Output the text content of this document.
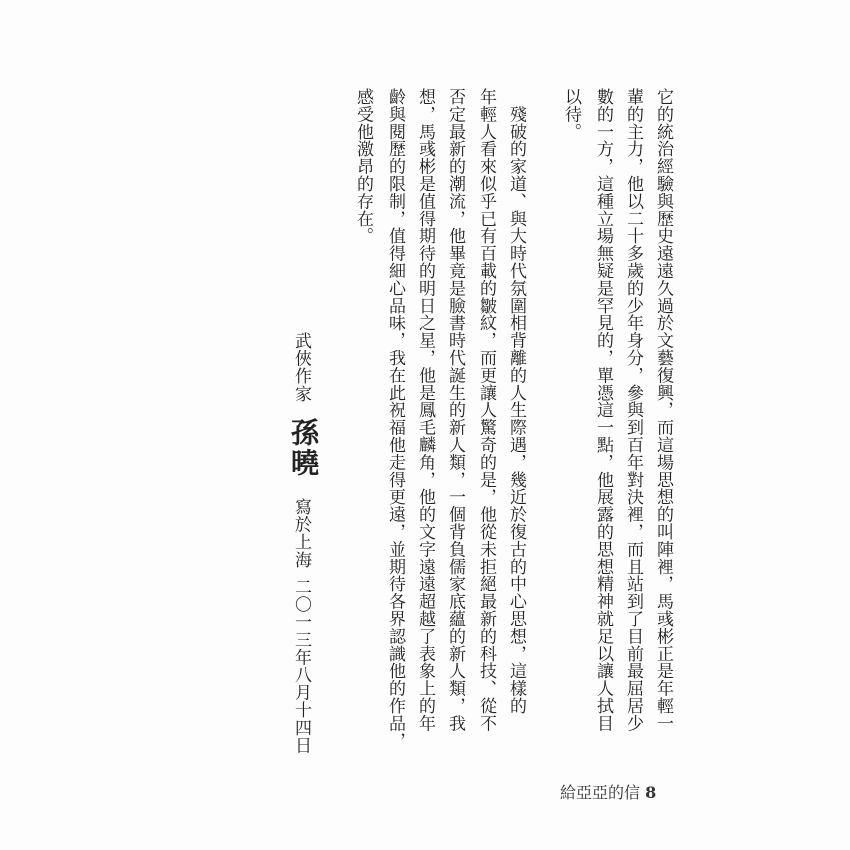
它的統治經驗與歷史遠遠久過於文藝復興，而這場思想的叫陣裡，馬彧彬正是年輕一
輩的主力，他以二十多歲的少年身分，參與到百年對決裡，而且站到了目前最屈居少
數的一方，這種立場無疑是罕見的，單憑這一點，他展露的思想精神就足以讓人拭目
以待。
　殘破的家道、與大時代氛圍相背離的人生際遇，幾近於復古的中心思想，這樣的
年輕人看來似乎已有百載的皺紋，而更讓人驚奇的是，他從未拒絕最新的科技、從不
否定最新的潮流，他畢竟是臉書時代誕生的新人類，一個背負儒家底蘊的新人類，我
想，馬彧彬是值得期待的明日之星，他是鳳毛麟角，他的文字遠遠超越了表象上的年
齡與閱歷的限制，值得細心品味，我在此祝福他走得更遠，並期待各界認識他的作品，
感受他激昂的存在。
武俠作家
孫曉
寫於上海
二〇一三年八月十四日
給亞亞的信 8
